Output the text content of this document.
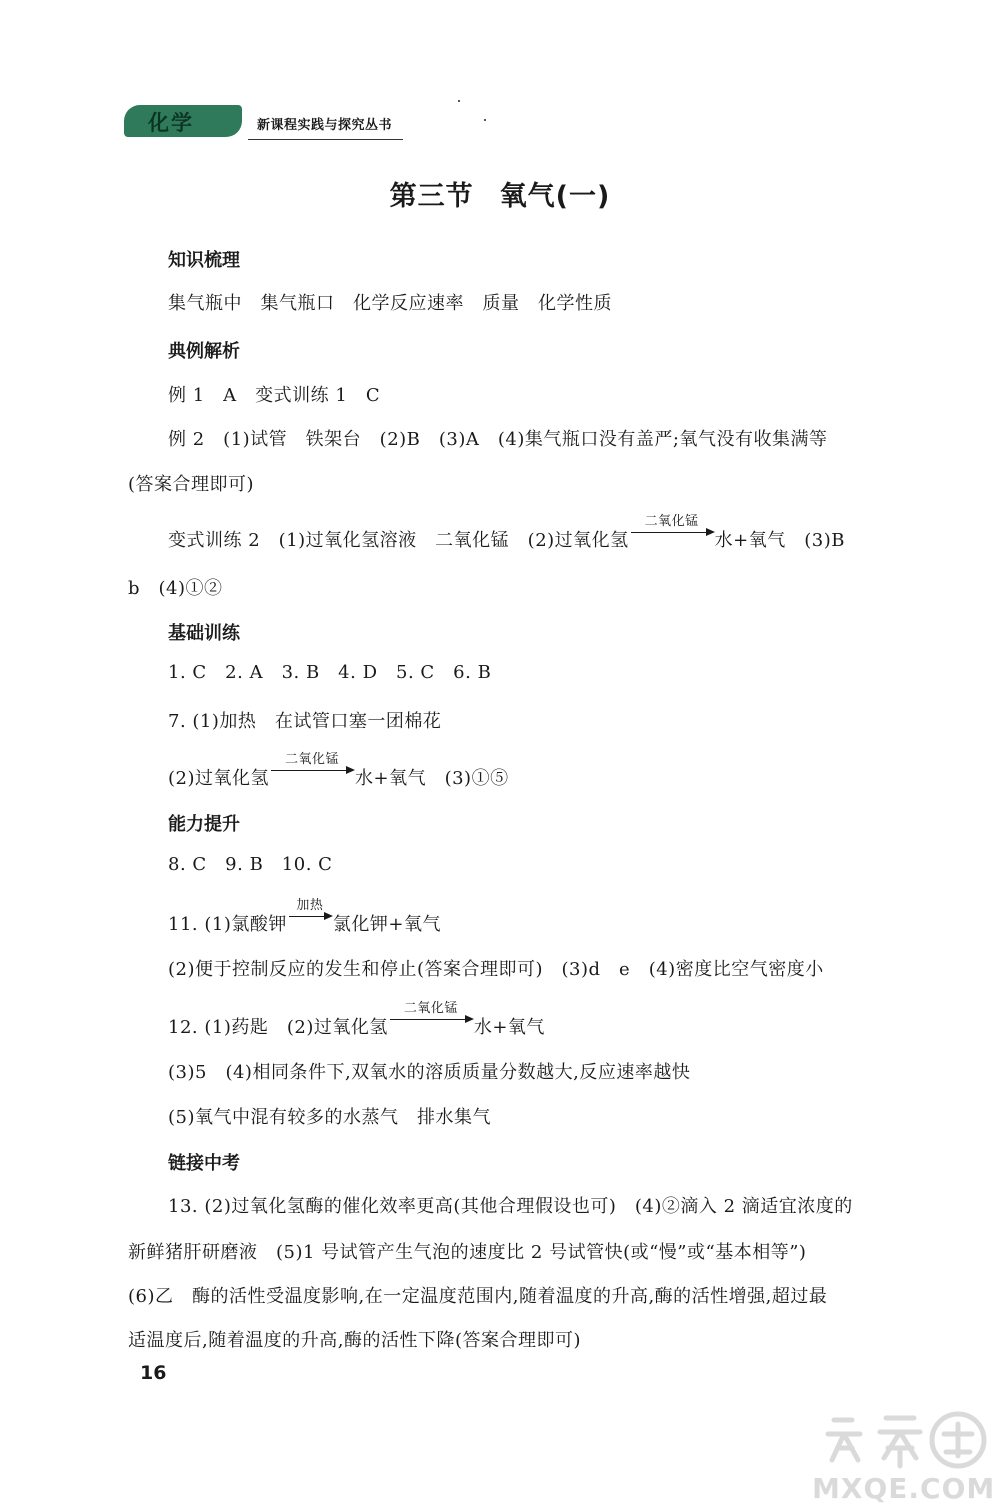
化学	新课程实践与探究丛书
第三节 氧气(一)
知识梳理
集气瓶中　集气瓶口　化学反应速率　质量　化学性质
典例解析
例 1　A　变式训练 1　C
例 2　(1)试管　铁架台　(2)B　(3)A　(4)集气瓶口没有盖严;氧气没有收集满等
(答案合理即可)
变式训练 2　(1)过氧化氢溶液　二氧化锰　(2)过氧化氢
二氧化锰
水+氧气　(3)B
b　(4)①②
基础训练
1. C 2. A 3. B 4. D 5. C 6. B
7. (1)加热　在试管口塞一团棉花
(2)过氧化氢
二氧化锰
水+氧气　(3)①⑤
能力提升
8. C 9. B 10. C
11. (1)氯酸钾
加热
氯化钾+氧气
(2)便于控制反应的发生和停止(答案合理即可)　(3)d　e　(4)密度比空气密度小
12. (1)药匙　(2)过氧化氢
二氧化锰
水+氧气
(3)5　(4)相同条件下,双氧水的溶质质量分数越大,反应速率越快
(5)氧气中混有较多的水蒸气　排水集气
链接中考
13. (2)过氧化氢酶的催化效率更高(其他合理假设也可)　(4)②滴入 2 滴适宜浓度的
新鲜猪肝研磨液　(5)1 号试管产生气泡的速度比 2 号试管快(或“慢”或“基本相等”)
(6)乙　酶的活性受温度影响,在一定温度范围内,随着温度的升高,酶的活性增强,超过最
适温度后,随着温度的升高,酶的活性下降(答案合理即可)
16
MXQE.COM
